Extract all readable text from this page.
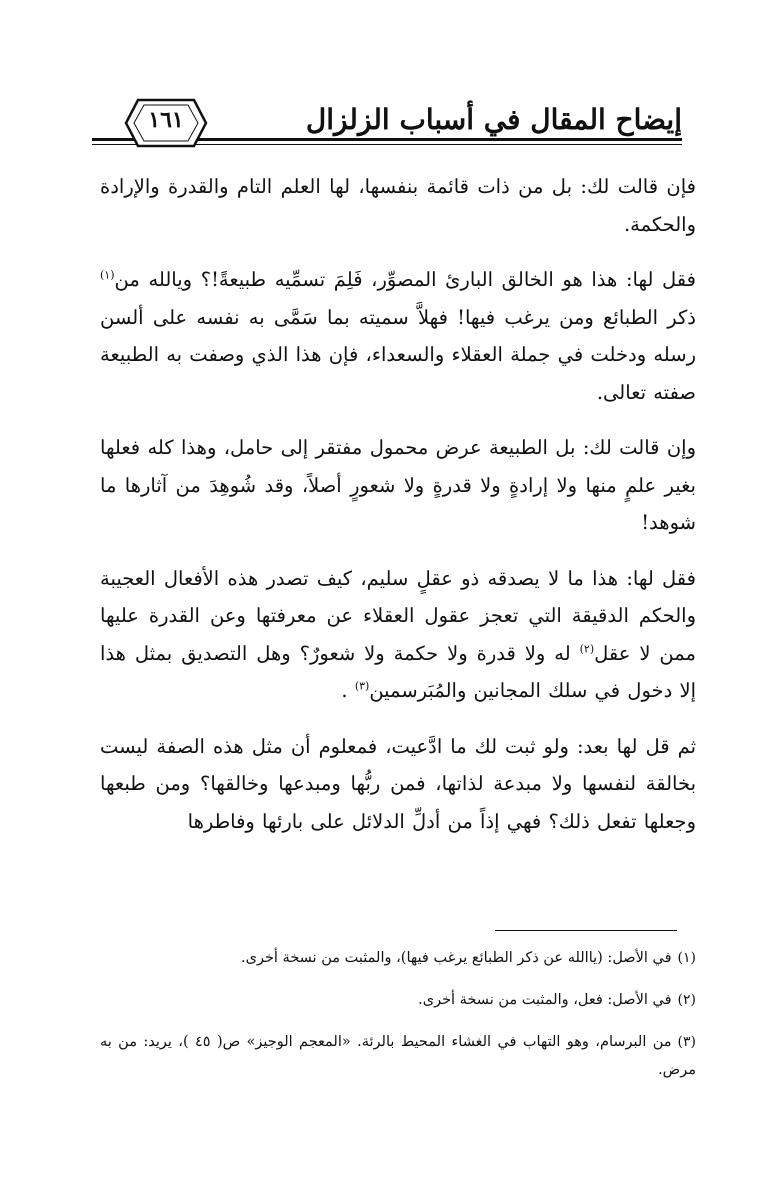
إيضاح المقال في أسباب الزلزال
١٦١

فإن قالت لك: بل من ذات قائمة بنفسها، لها العلم التام والقدرة والإرادة والحكمة.

فقل لها: هذا هو الخالق البارئ المصوِّر، فَلِمَ تسمِّيه طبيعةً!؟ ويالله من$^{(١)}$ ذكر الطبائع ومن يرغب فيها! فهلاَّ سميته بما سَمَّى به نفسه على ألسن رسله ودخلت في جملة العقلاء والسعداء، فإن هذا الذي وصفت به الطبيعة صفته تعالى.

وإن قالت لك: بل الطبيعة عرض محمول مفتقر إلى حامل، وهذا كله فعلها بغير علمٍ منها ولا إرادةٍ ولا قدرةٍ ولا شعورٍ أصلاً، وقد شُوهِدَ من آثارها ما شوهد!

فقل لها: هذا ما لا يصدقه ذو عقلٍ سليم، كيف تصدر هذه الأفعال العجيبة والحكم الدقيقة التي تعجز عقول العقلاء عن معرفتها وعن القدرة عليها ممن لا عقل$^{(٢)}$ له ولا قدرة ولا حكمة ولا شعورٌ؟ وهل التصديق بمثل هذا إلا دخول في سلك المجانين والمُبَرسمين$^{(٣)}$ .

ثم قل لها بعد: ولو ثبت لك ما ادَّعيت، فمعلوم أن مثل هذه الصفة ليست بخالقة لنفسها ولا مبدعة لذاتها، فمن ربُّها ومبدعها وخالقها؟ ومن طبعها وجعلها تفعل ذلك؟ فهي إذاً من أدلِّ الدلائل على بارئها وفاطرها

(١)في الأصل: (ياالله عن ذكر الطبائع يرغب فيها)، والمثبت من نسخة أخرى.

(٢)في الأصل: فعل، والمثبت من نسخة أخرى.

(٣)من البرسام، وهو التهاب في الغشاء المحيط بالرئة. «المعجم الوجيز» ص( ٤٥ )، يريد: من به مرض.
